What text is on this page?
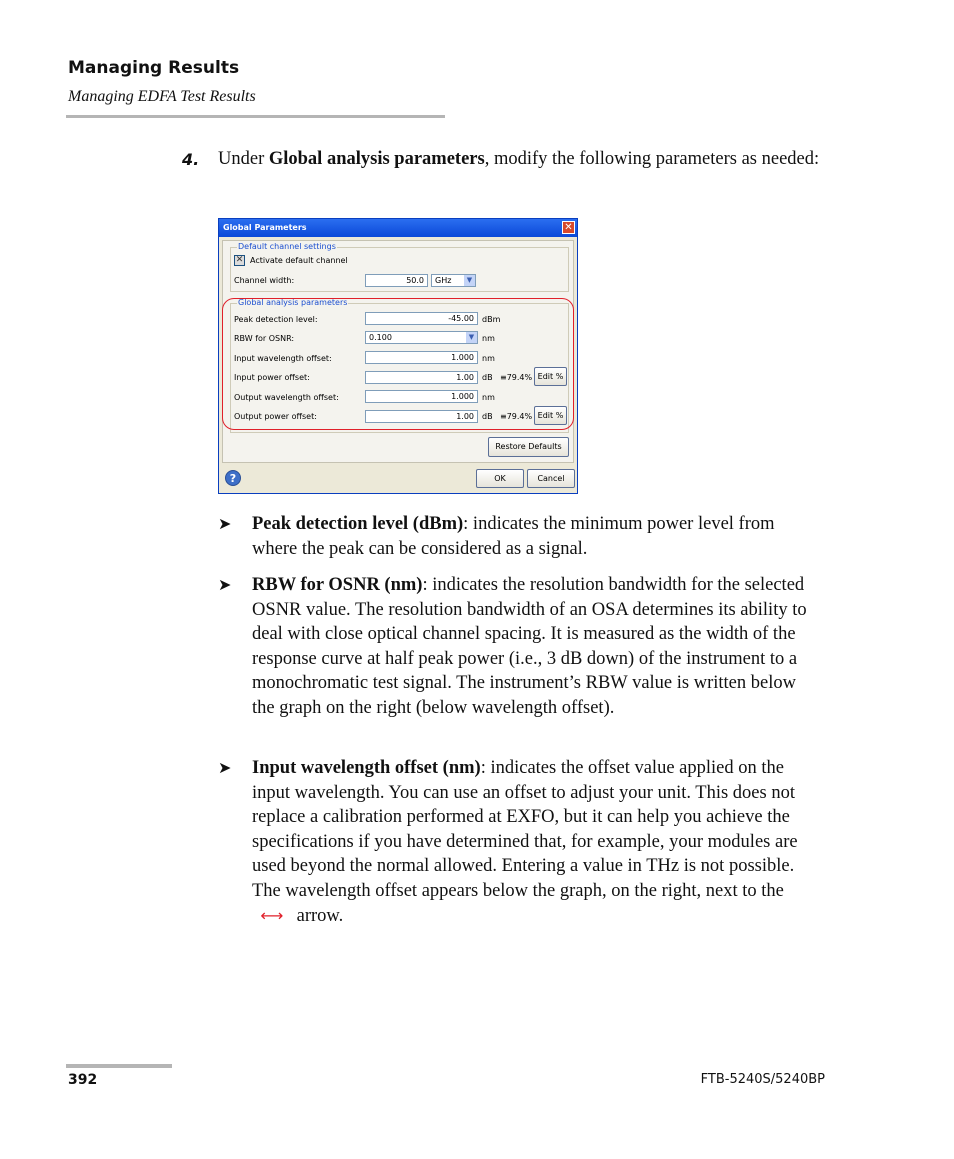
Managing Results
Managing EDFA Test Results
4. Under Global analysis parameters, modify the following parameters as needed:
Global Parameters	✕
Default channel settings
✕ Activate default channel
Channel width:	50.0	GHz	▼
Global analysis parameters
Peak detection level:	-45.00	dBm
RBW for OSNR:	0.100	▼ nm
Input wavelength offset:	1.000	nm
Input power offset:	1.00	dB ≡79.4% Edit %
Output wavelength offset:	1.000	nm
Output power offset:	1.00	dB ≡79.4% Edit %
Restore Defaults
?	OK	Cancel
➤ Peak detection level (dBm): indicates the minimum power level from where the peak can be considered as a signal.
➤ RBW for OSNR (nm): indicates the resolution bandwidth for the selected OSNR value. The resolution bandwidth of an OSA determines its ability to deal with close optical channel spacing. It is measured as the width of the response curve at half peak power (i.e., 3 dB down) of the instrument to a monochromatic test signal. The instrument’s RBW value is written below the graph on the right (below wavelength offset).
➤ Input wavelength offset (nm): indicates the offset value applied on the input wavelength. You can use an offset to adjust your unit. This does not replace a calibration performed at EXFO, but it can help you achieve the specifications if you have determined that, for example, your modules are used beyond the normal allowed. Entering a value in THz is not possible. The wavelength offset appears below the graph, on the right, next to the ⟷ arrow.
392	FTB-5240S/5240BP
